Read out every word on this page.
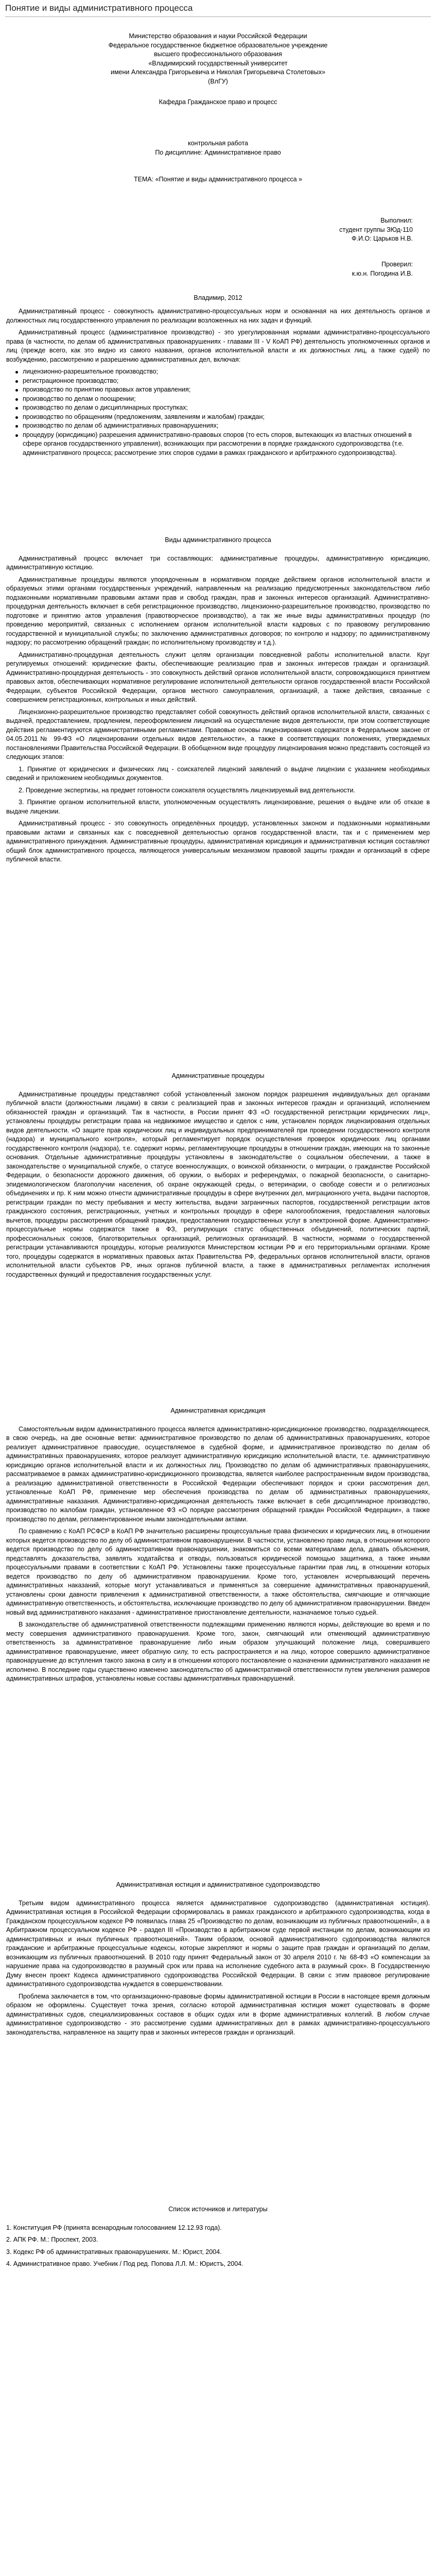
Понятие и виды административного процесса
Министерство образования и науки Российской Федерации
Федеральное государственное бюджетное образовательное учреждение
высшего профессионального образования
«Владимирский государственный университет
имени Александра Григорьевича и Николая Григорьевича Столетовых»
(ВлГУ)
Кафедра Гражданское право и процесс
контрольная работа
По дисциплине: Административное право
ТЕМА: «Понятие и виды административного процесса »
Выполнил:
студент группы ЗЮд-110
Ф.И.О: Царьков Н.В.
Проверил:
к.ю.н. Погодина И.В.
Владимир, 2012

Административный процесс - совокупность административно-процессуальных норм и основанная на них деятельность органов и должностных лиц государственного управления по реализации возложенных на них задач и функций.

Административный процесс (административное производство) - это урегулированная нормами административно-процессуального права (в частности, по делам об административных правонарушениях - главами III - V КоАП РФ) деятельность уполномоченных органов и лиц (прежде всего, как это видно из самого названия, органов исполнительной власти и их должностных лиц, а также судей) по возбуждению, рассмотрению и разрешению административных дел, включая:

лицензионно-разрешительное производство;
регистрационное производство;
производство по принятию правовых актов управления;
производство по делам о поощрении;
производство по делам о дисциплинарных проступках;
производство по обращениям (предложениям, заявлениям и жалобам) граждан;
производство по делам об административных правонарушениях;
процедуру (юрисдикцию) разрешения административно-правовых споров (то есть споров, вытекающих из властных отношений в сфере органов государственного управления), возникающих при рассмотрении в порядке гражданского судопроизводства (т.е. административного процесса; рассмотрение этих споров судами в рамках гражданского и арбитражного судопроизводства).

Виды административного процесса

Административный процесс включает три составляющих: административные процедуры, административную юрисдикцию, административную юстицию.

Административные процедуры являются упорядоченным в нормативном порядке действием органов исполнительной власти и образуемых этими органами государственных учреждений, направленным на реализацию предусмотренных законодательством либо подзаконными нормативными правовыми актами прав и свобод граждан, прав и законных интересов организаций. Административно-процедурная деятельность включает в себя регистрационное производство, лицензионно-разрешительное производство, производство по подготовке и принятию актов управления (правотворческое производство), а так же иные виды административных процедур (по проведению мероприятий, связанных с исполнением органом исполнительной власти кадровых с по правовому регулированию государственной и муниципальной службы; по заключению административных договоров; по контролю и надзору; по административному надзору; по рассмотрению обращений граждан; по исполнительному производству и т.д.).

Административно-процедурная деятельность служит целям организации повседневной работы исполнительной власти. Круг регулируемых отношений: юридические факты, обеспечивающие реализацию прав и законных интересов граждан и организаций. Административно-процедурная деятельность - это совокупность действий органов исполнительной власти, сопровождающихся принятием правовых актов, обеспечивающих нормативное регулирование исполнительной деятельности органов государственной власти Российской Федерации, субъектов Российской Федерации, органов местного самоуправления, организаций, а также действия, связанные с совершением регистрационных, контрольных и иных действий.

Лицензионно-разрешительное производство представляет собой совокупность действий органов исполнительной власти, связанных с выдачей, предоставлением, продлением, переоформлением лицензий на осуществление видов деятельности, при этом соответствующие действия регламентируются административными регламентами. Правовые основы лицензирования содержатся в Федеральном законе от 04.05.2011№ 99-ФЗ «О лицензировании отдельных видов деятельности», а также в соответствующих положениях, утверждаемых постановлениями Правительства Российской Федерации. В обобщенном виде процедуру лицензирования можно представить состоящей из следующих этапов:

1. Принятие от юридических и физических лиц - соискателей лицензий заявлений о выдаче лицензии с указанием необходимых сведений и приложением необходимых документов.

2. Проведение экспертизы, на предмет готовности соискателя осуществлять лицензируемый вид деятельности.

3. Принятие органом исполнительной власти, уполномоченным осуществлять лицензирование, решения о выдаче или об отказе в выдаче лицензии.

Административный процесс - это совокупность определённых процедур, установленных законом и подзаконными нормативными правовыми актами и связанных как с повседневной деятельностью органов государственной власти, так и с применением мер административного принуждения. Административные процедуры, административная юрисдикция и административная юстиция составляют общий блок административного процесса, являющегося универсальным механизмом правовой защиты граждан и организаций в сфере публичной власти.

Административные процедуры

Административные процедуры представляют собой установленный законом порядок разрешения индивидуальных дел органами публичной власти (должностными лицами) в связи с реализацией прав и законных интересов граждан и организаций, исполнением обязанностей граждан и организаций. Так в частности, в России принят ФЗ «О государственной регистрации юридических лиц», установлены процедуры регистрации права на недвижимое имущество и сделок с ним, установлен порядок лицензирования отдельных видов деятельности. «О защите прав юридических лиц и индивидуальных предпринимателей при проведении государственного контроля (надзора) и муниципального контроля», который регламентирует порядок осуществления проверок юридических лиц органами государственного контроля (надзора), т.е. содержит нормы, регламентирующие процедуры в отношении граждан, имеющих на то законные основания. Отдельные административные процедуры установлены в законодательстве о социальном обеспечении, а также в законодательстве о муниципальной службе, о статусе военнослужащих, о воинской обязанности, о миграции, о гражданстве Российской Федерации, о безопасности дорожного движения, об оружии, о выборах и референдумах, о пожарной безопасности, о санитарно-эпидемиологическом благополучии населения, об охране окружающей среды, о ветеринарии, о свободе совести и о религиозных объединениях и пр. К ним можно отнести административные процедуры в сфере внутренних дел, миграционного учета, выдачи паспортов, регистрации граждан по месту пребывания и месту жительства, выдачи заграничных паспортов, государственной регистрации актов гражданского состояния, регистрационных, учетных и контрольных процедур в сфере налогообложения, предоставления налоговых вычетов, процедуры рассмотрения обращений граждан, предоставления государственных услуг в электронной форме. Административно-процессуальные нормы содержатся также в ФЗ, регулирующих статус общественных объединений, политических партий, профессиональных союзов, благотворительных организаций, религиозных организаций. В частности, нормами о государственной регистрации устанавливаются процедуры, которые реализуются Министерством юстиции РФ и его территориальными органами. Кроме того, процедуры содержатся в нормативных правовых актах Правительства РФ, федеральных органов исполнительной власти, органов исполнительной власти субъектов РФ, иных органов публичной власти, а также в административных регламентах исполнения государственных функций и предоставления государственных услуг.

Административная юрисдикция

Самостоятельным видом административного процесса является административно-юрисдикционное производство, подразделяющееся, в свою очередь, на две основные ветви: административное производство по делам об административных правонарушениях, которое реализует административное правосудие, осуществляемое в судебной форме, и административное производство по делам об административных правонарушениях, которое реализует административную юрисдикцию исполнительной власти, т.е. административную юрисдикцию органов исполнительной власти и их должностных лиц. Производство по делам об административных правонарушениях, рассматриваемое в рамках административно-юрисдикционного производства, является наиболее распространенным видом производства, а реализацию административной ответственности в Российской Федерации обеспечивают порядок и сроки рассмотрения дел, установленные КоАП РФ, применение мер обеспечения производства по делам об административных правонарушениях, административные наказания. Административно-юрисдикционная деятельность также включает в себя дисциплинарное производство, производство по жалобам граждан, установленное ФЗ «О порядке рассмотрения обращений граждан Российской Федерации», а также производство по делам, регламентированное иными законодательными актами.

По сравнению с КоАП РСФСР в КоАП РФ значительно расширены процессуальные права физических и юридических лиц, в отношении которых ведется производство по делу об административном правонарушении. В частности, установлено право лица, в отношении которого ведется производство по делу об административном правонарушении, знакомиться со всеми материалами дела, давать объяснения, представлять доказательства, заявлять ходатайства и отводы, пользоваться юридической помощью защитника, а также иными процессуальными правами в соответствии с КоАП РФ. Установлены также процессуальные гарантии прав лиц, в отношении которых ведется производство по делу об административном правонарушении. Кроме того, установлен исчерпывающий перечень административных наказаний, которые могут устанавливаться и применяться за совершение административных правонарушений, установлены сроки давности привлечения к административной ответственности, а также обстоятельства, смягчающие и отягчающие административную ответственность, и обстоятельства, исключающие производство по делу об административном правонарушении. Введен новый вид административного наказания - административное приостановление деятельности, назначаемое только судьей.

В законодательстве об административной ответственности подлежащими применению являются нормы, действующие во время и по месту совершения административного правонарушения. Кроме того, закон, смягчающий или отменяющий административную ответственность за административное правонарушение либо иным образом улучшающий положение лица, совершившего административное правонарушение, имеет обратную силу, то есть распространяется и на лицо, которое совершило административное правонарушение до вступления такого закона в силу и в отношении которого постановление о назначении административного наказания не исполнено. В последние годы существенно изменено законодательство об административной ответственности путем увеличения размеров административных штрафов, установлены новые составы административных правонарушений.

Административная юстиция и административное судопроизводство

Третьим видом административного процесса является административное судопроизводство (административная юстиция). Административная юстиция в Российской Федерации сформировалась в рамках гражданского и арбитражного судопроизводства, когда в Гражданском процессуальном кодексе РФ появилась глава 25 «Производство по делам, возникающим из публичных правоотношений», а в Арбитражном процессуальном кодексе РФ - раздел III «Производство в арбитражном суде первой инстанции по делам, возникающим из административных и иных публичных правоотношений». Таким образом, основой административного судопроизводства являются гражданские и арбитражные процессуальные кодексы, которые закрепляют и нормы о защите прав граждан и организаций по делам, возникающим из публичных правоотношений. В 2010 году принят Федеральный закон от 30 апреля 2010 г. № 68-ФЗ «О компенсации за нарушение права на судопроизводство в разумный срок или права на исполнение судебного акта в разумный срок». В Государственную Думу внесен проект Кодекса административного судопроизводства Российской Федерации. В связи с этим правовое регулирование административного судопроизводства нуждается в совершенствовании.

Проблема заключается в том, что организационно-правовые формы административной юстиции в России в настоящее время должным образом не оформлены. Существует точка зрения, согласно которой административная юстиция может существовать в форме административных судов, специализированных составов в общих судах или в форме административных коллегий. В любом случае административное судопроизводство - это рассмотрение судами административных дел в рамках административно-процессуального законодательства, направленное на защиту прав и законных интересов граждан и организаций.

Список источников и литературы

1. Конституция РФ (принята всенародным голосованием 12.12.93 года).

2. АПК РФ. М.: Проспект, 2003.

3. Кодекс РФ об административных правонарушениях. М.: Юрист, 2004.

4. Административное право. Учебник / Под ред. Попова Л.Л. М.: Юристъ, 2004.
